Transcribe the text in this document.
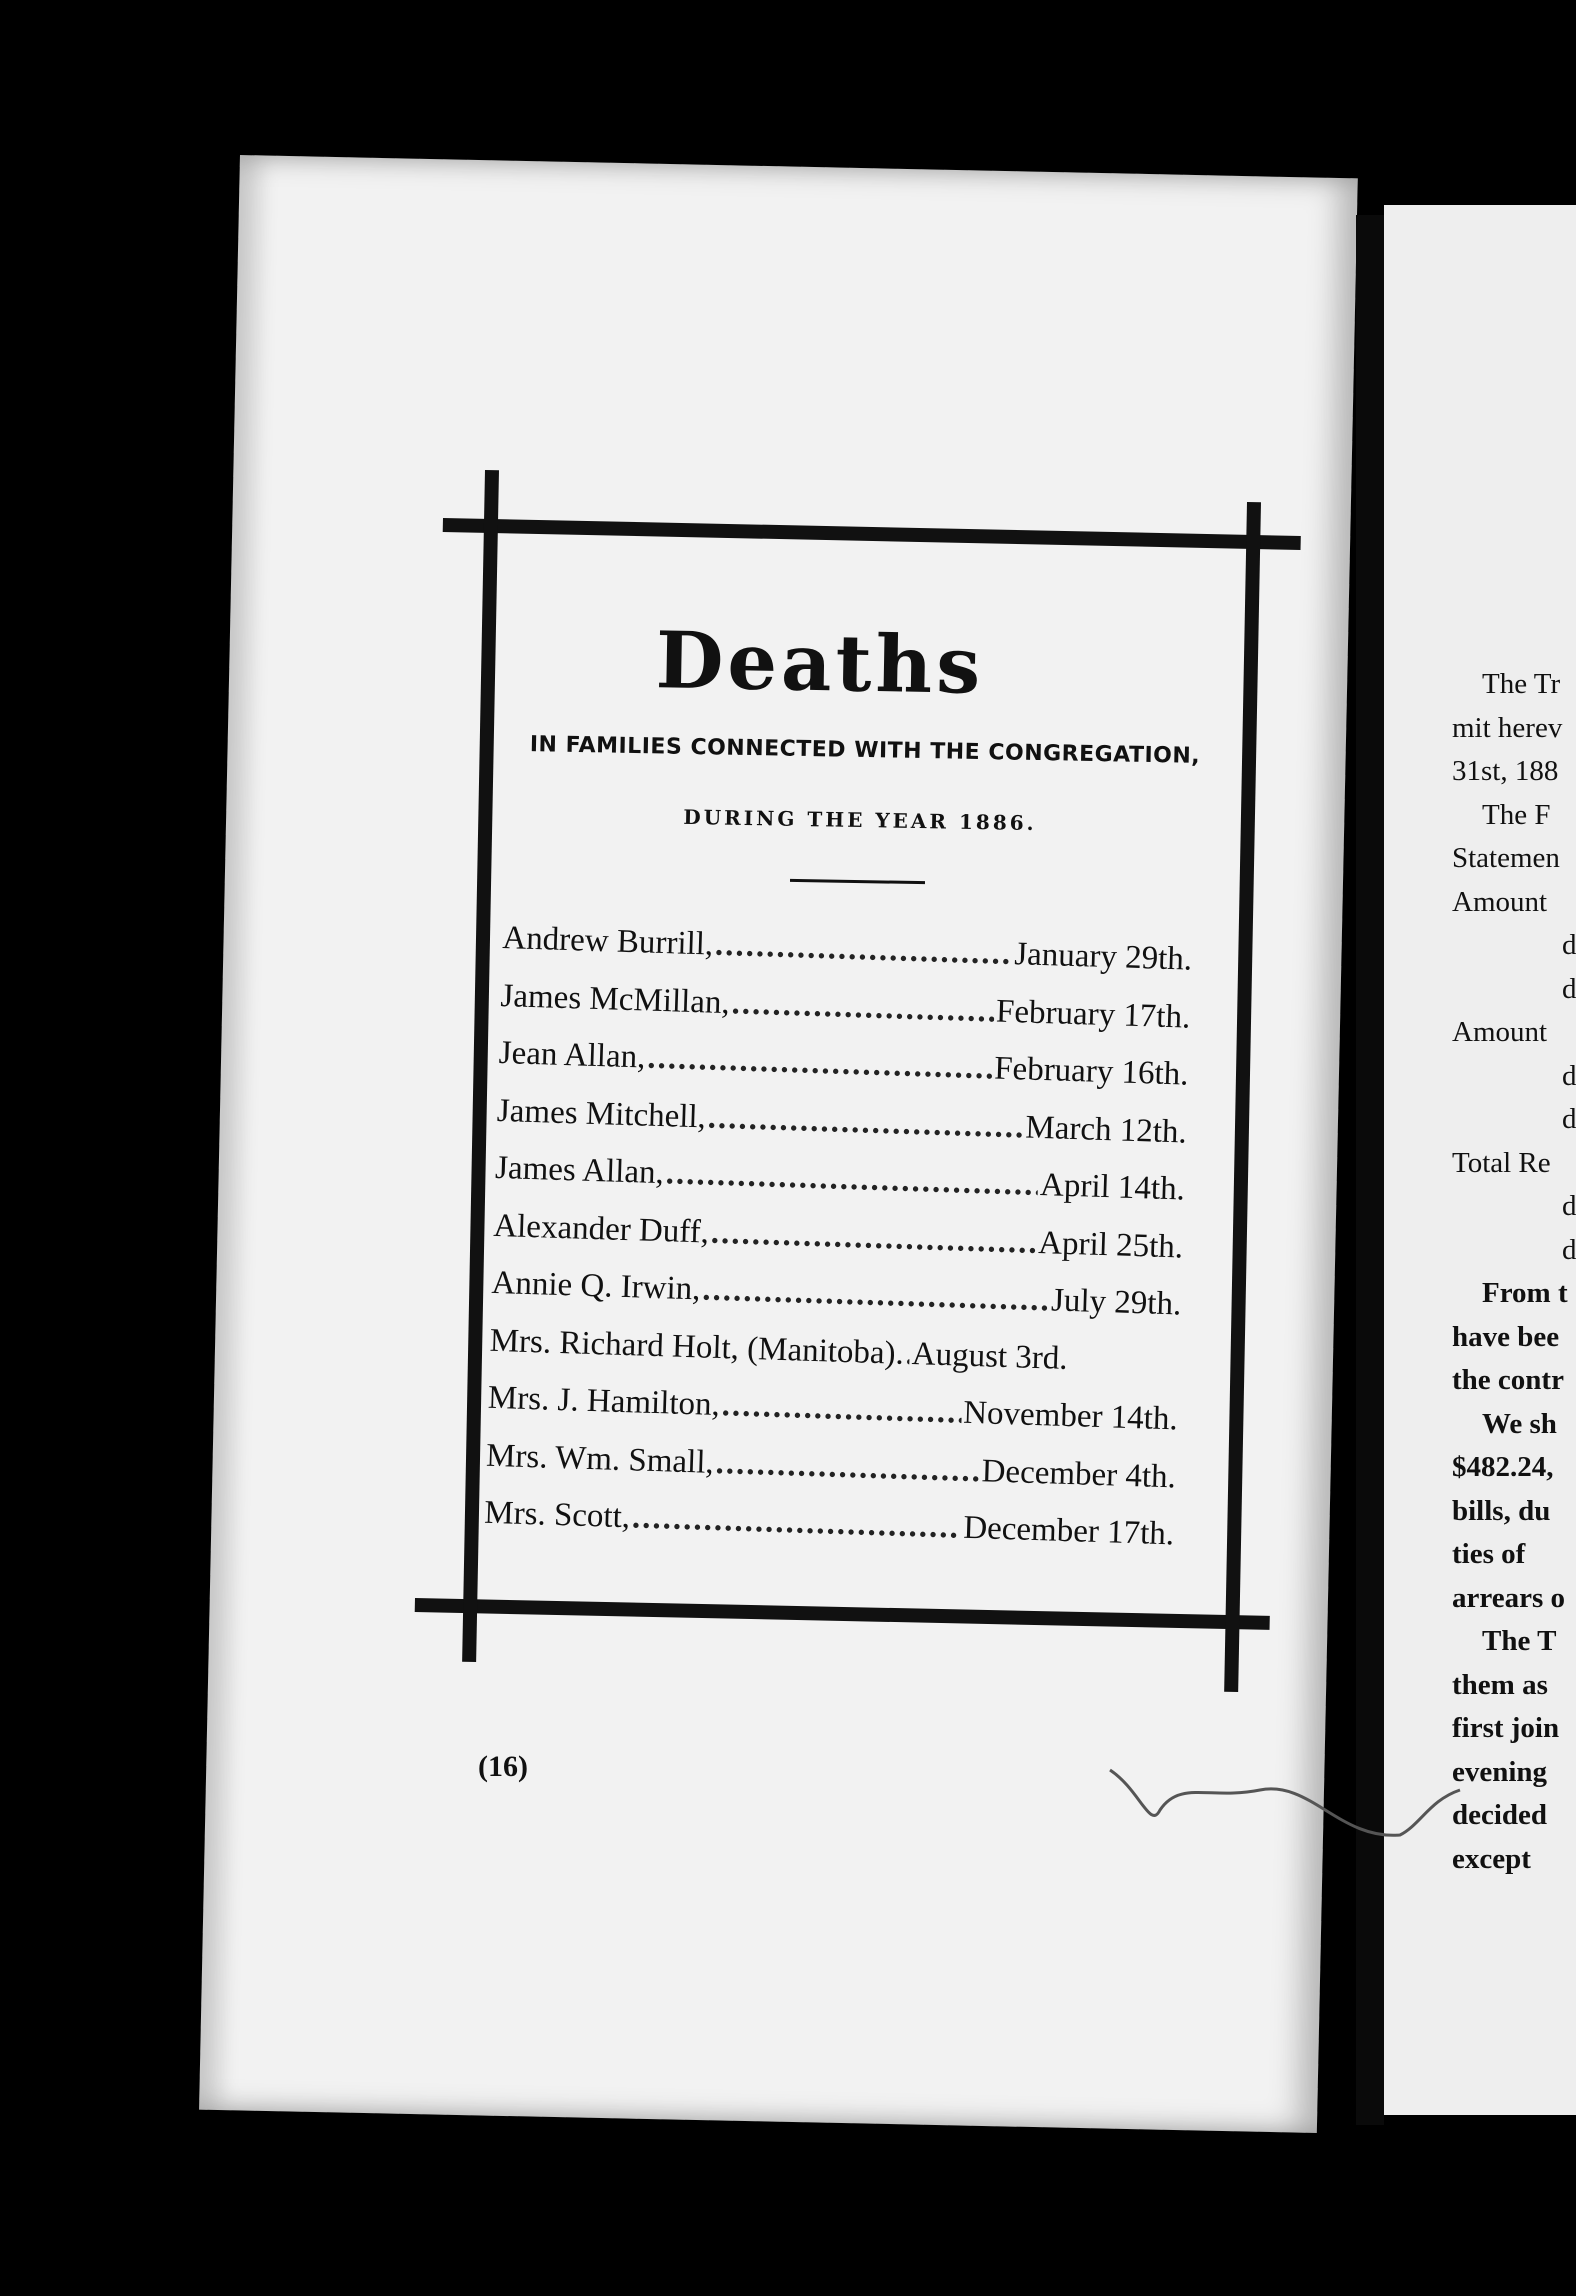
Deaths
IN FAMILIES CONNECTED WITH THE CONGREGATION,
DURING THE YEAR 1886.
Andrew Burrill, .....	January 29th.
James McMillan, .....	February 17th.
Jean Allan, .....	February 16th.
James Mitchell, .....	March 12th.
James Allan, .....	April 14th.
Alexander Duff, .....	April 25th.
Annie Q. Irwin, .....	July 29th.
Mrs. Richard Holt, (Manitoba). ..... August 3rd.
Mrs. J. Hamilton, .....	November 14th.
Mrs. Wm. Small, .....	December 4th.
Mrs. Scott, .....	December 17th.
(16)
The Tr
mit herev
31st, 188
The F
Statemen
Amount
d
d
Amount
d
d
Total Re
d
d
From t
have bee
the contr
We sh
$482.24,
bills, du
ties of
arrears o
The T
them as
first join
evening
decided
except
